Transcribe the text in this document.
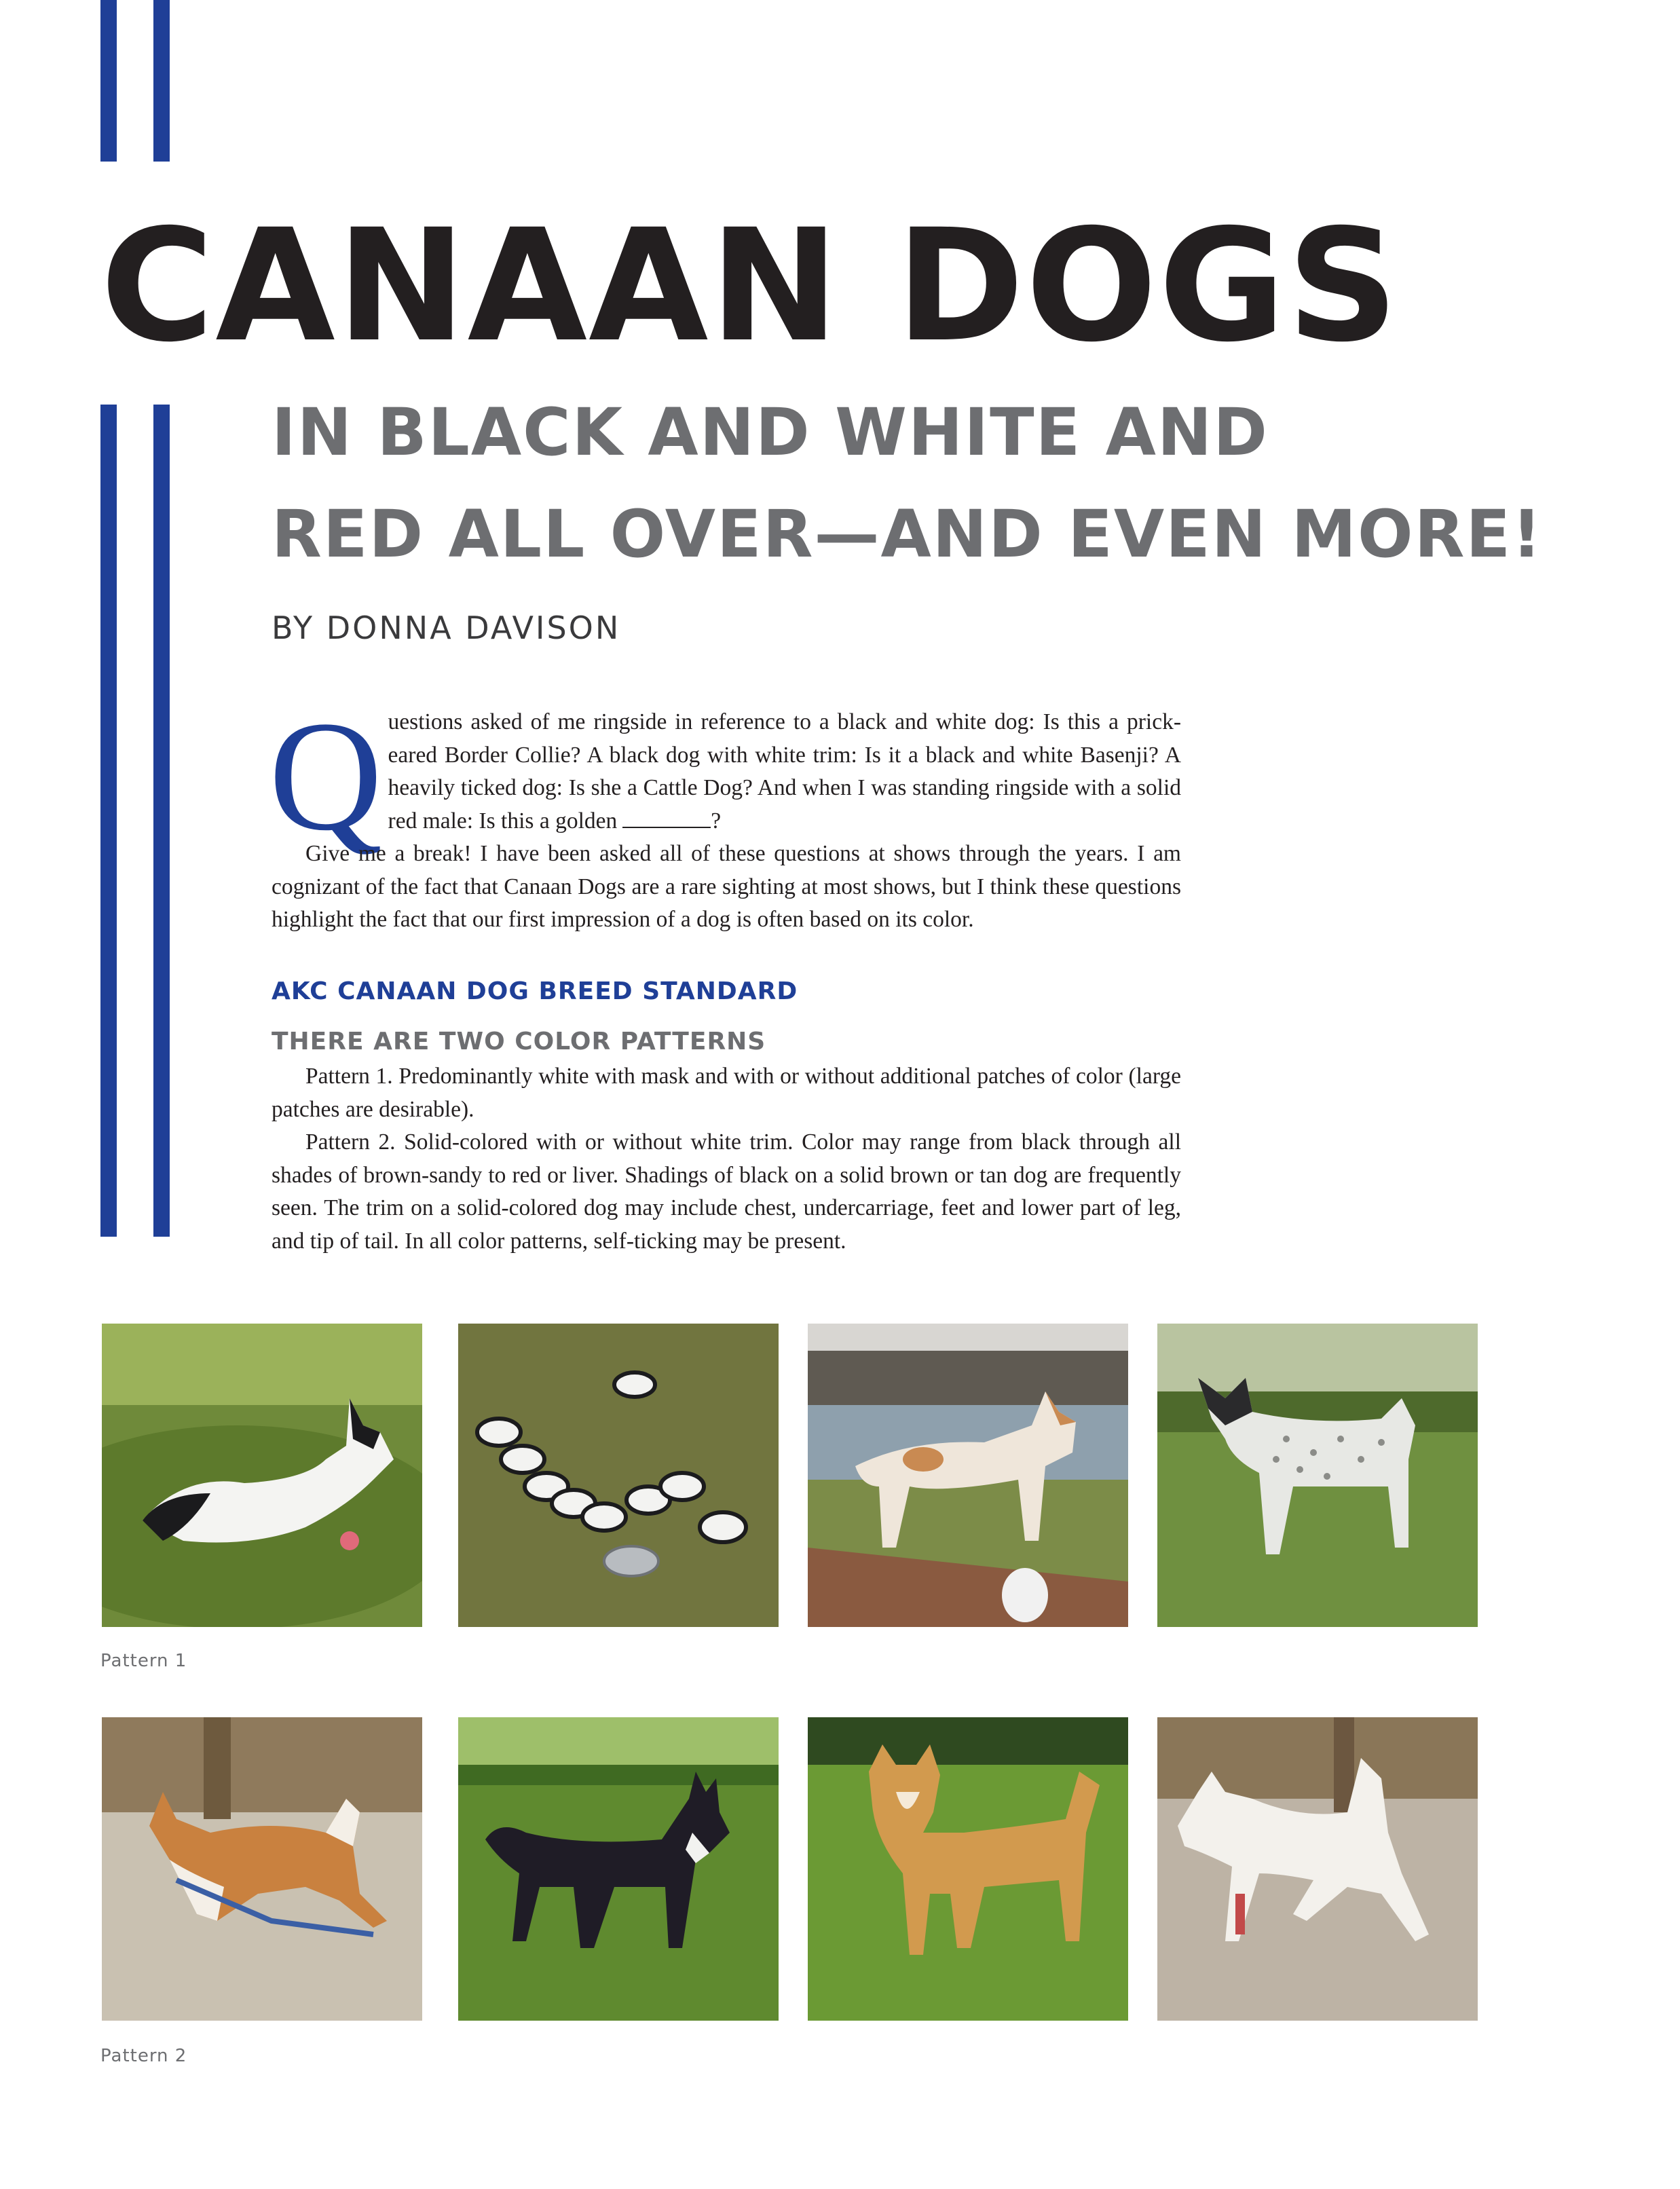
CANAAN DOGS
IN BLACK AND WHITE AND
RED ALL OVER—AND EVEN MORE!
BY DONNA DAVISON

Questions asked of me ringside in reference to a black and white dog: Is this a prick-eared Border Collie? A black dog with white trim: Is it a black and white Basenji? A heavily ticked dog: Is she a Cattle Dog? And when I was standing ringside with a solid red male: Is this a golden	?

Give me a break! I have been asked all of these questions at shows through the years. I am cognizant of the fact that Canaan Dogs are a rare sighting at most shows, but I think these questions highlight the fact that our first impression of a dog is often based on its color.

AKC CANAAN DOG BREED STANDARD
THERE ARE TWO COLOR PATTERNS

Pattern 1. Predominantly white with mask and with or without additional patches of color (large patches are desirable).

Pattern 2. Solid-colored with or without white trim. Color may range from black through all shades of brown-sandy to red or liver. Shadings of black on a solid brown or tan dog are frequently seen. The trim on a solid-colored dog may include chest, undercarriage, feet and lower part of leg, and tip of tail. In all color patterns, self-ticking may be present.

Pattern 1
Pattern 2
